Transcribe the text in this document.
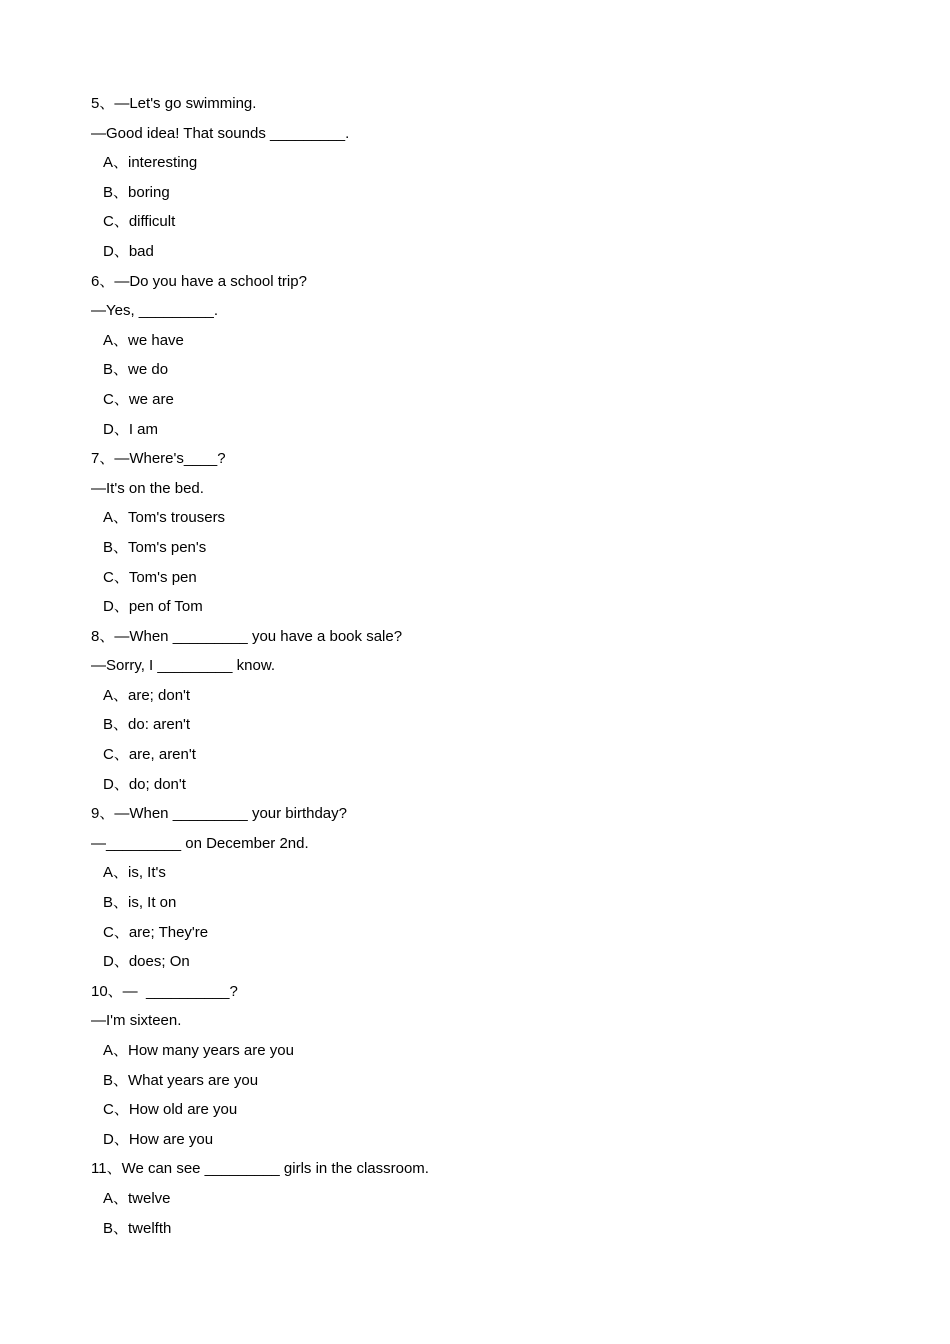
5、—Let's go swimming.
—Good idea! That sounds _________.
A、interesting
B、boring
C、difficult
D、bad
6、—Do you have a school trip?
—Yes, _________.
A、we have
B、we do
C、we are
D、I am
7、—Where's____?
—It's on the bed.
A、Tom's trousers
B、Tom's pen's
C、Tom's pen
D、pen of Tom
8、—When _________ you have a book sale?
—Sorry, I _________ know.
A、are; don't
B、do: aren't
C、are, aren't
D、do; don't
9、—When _________ your birthday?
—_________ on December 2nd.
A、is, It's
B、is, It on
C、are; They're
D、does; On
10、—  __________?
—I'm sixteen.
A、How many years are you
B、What years are you
C、How old are you
D、How are you
11、We can see _________ girls in the classroom.
A、twelve
B、twelfth
